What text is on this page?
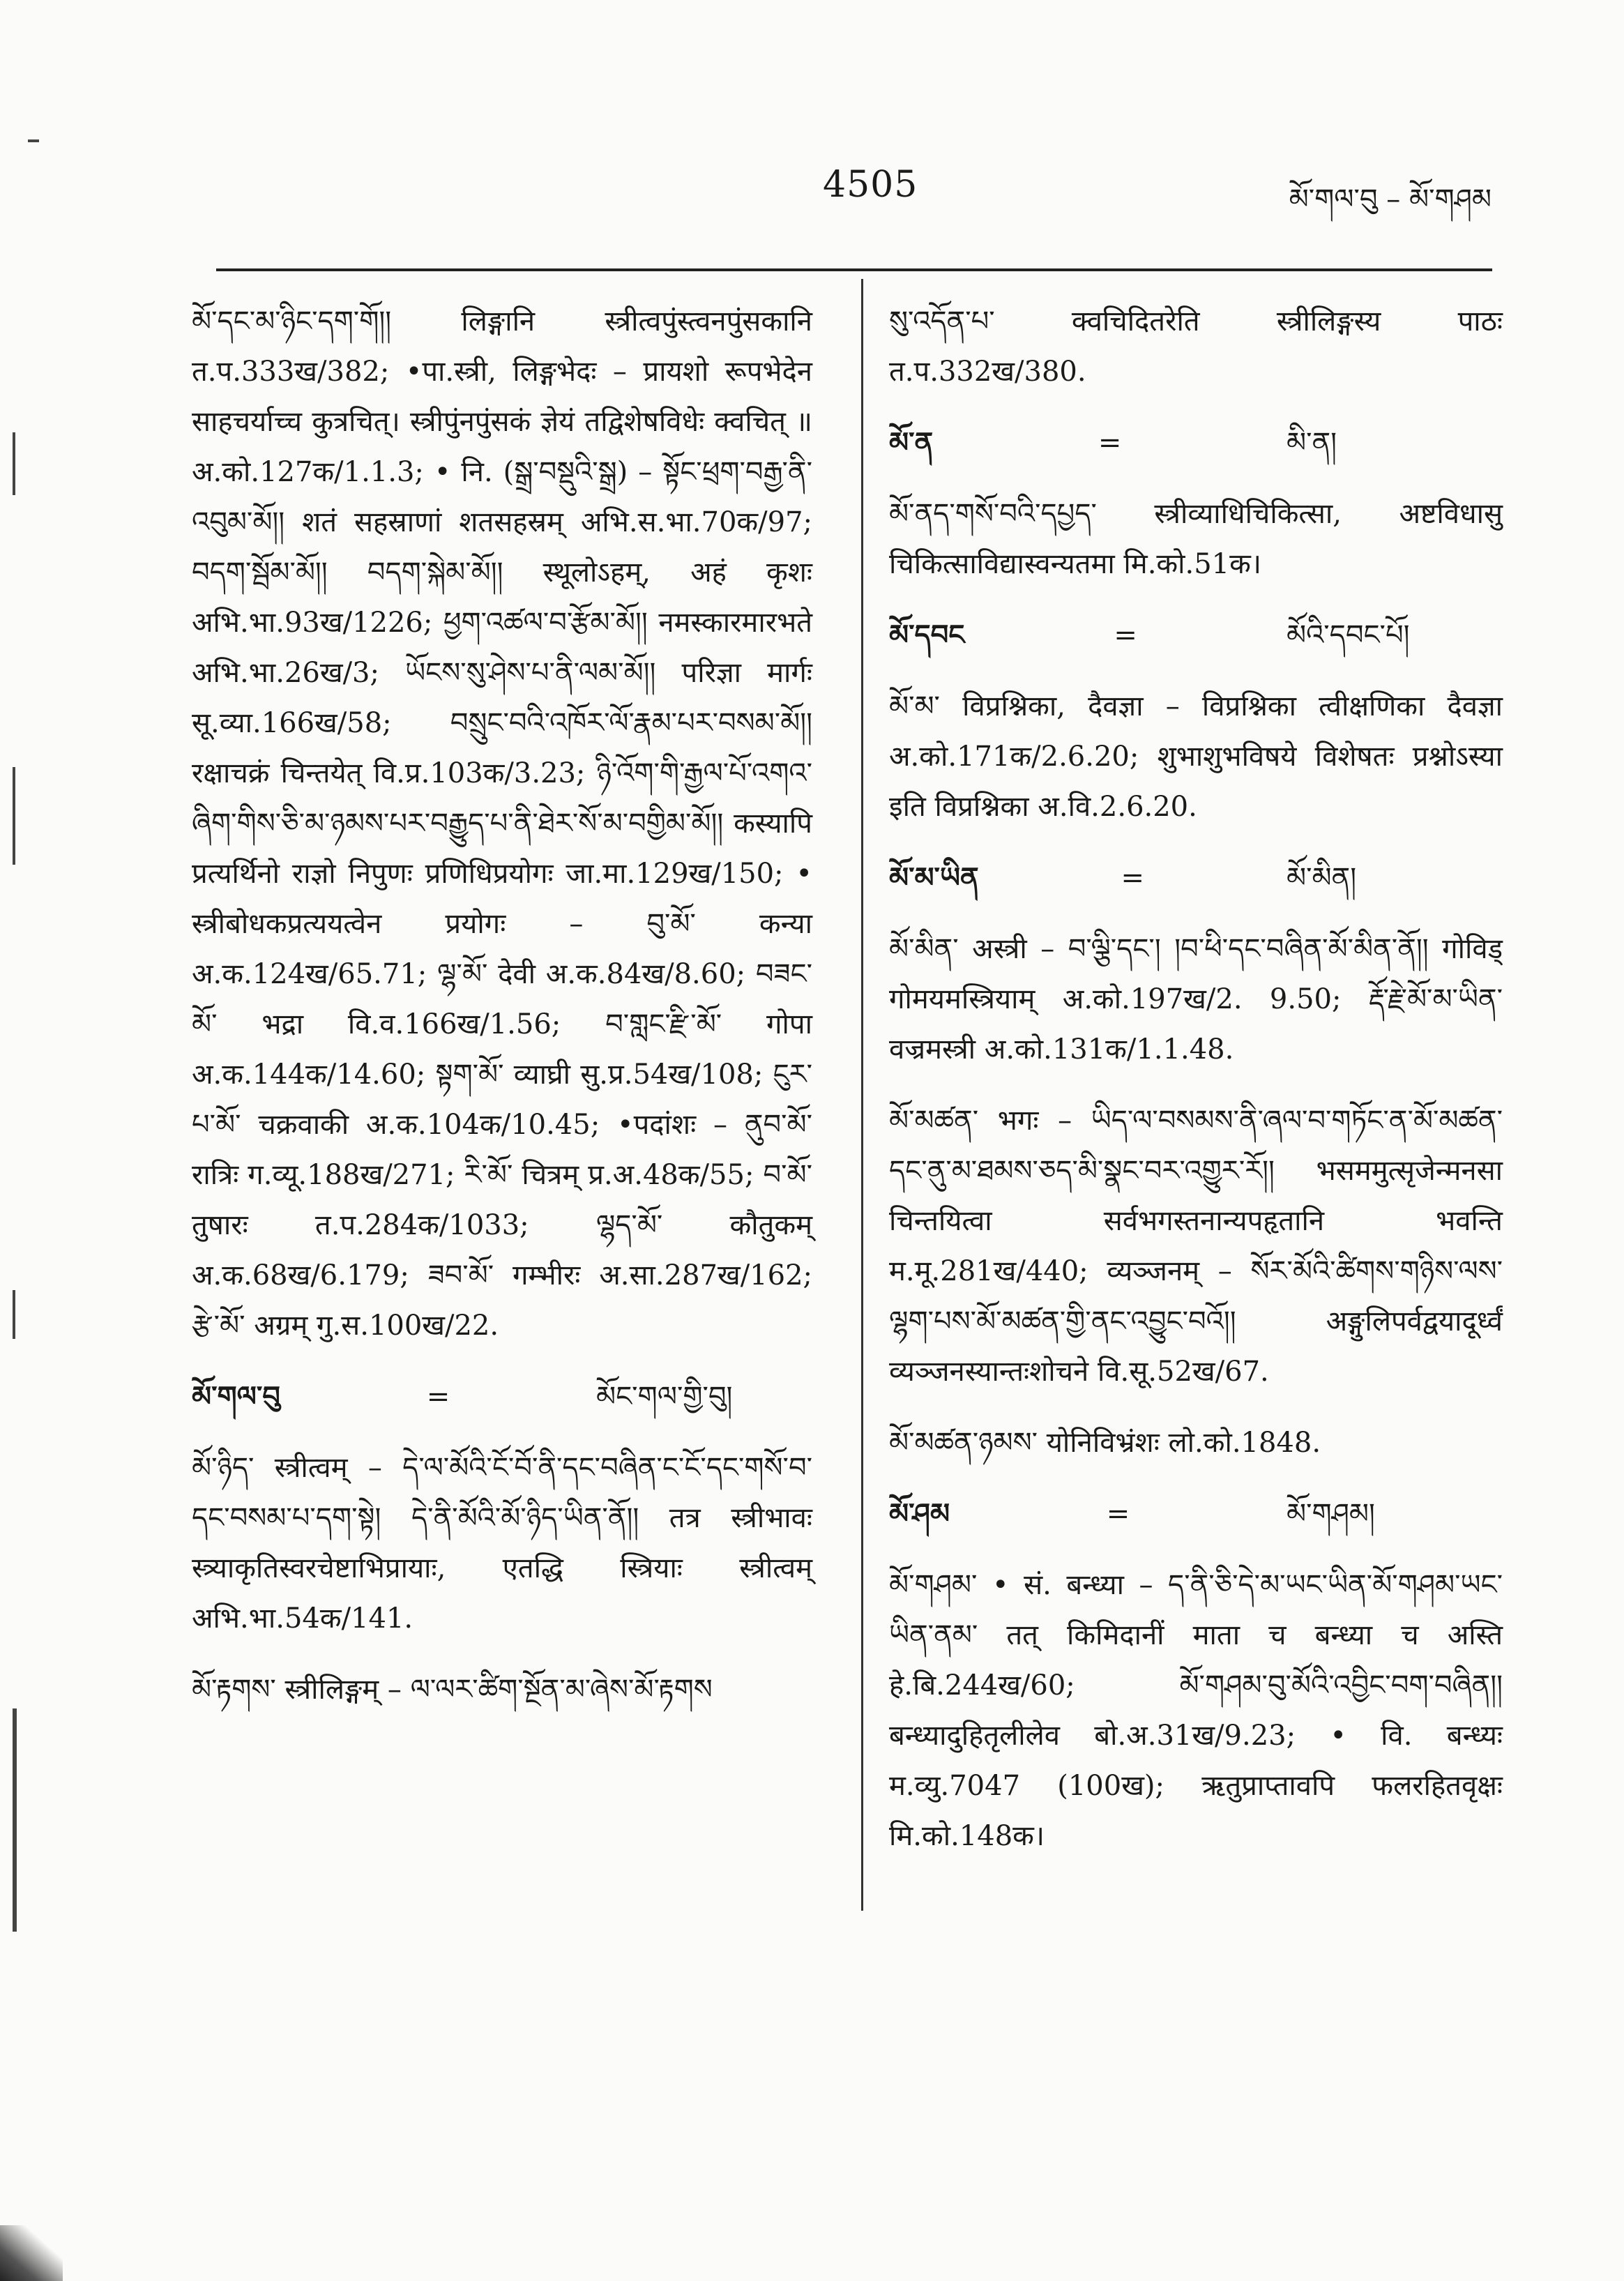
4505	མོ་གལ་བུ – མོ་གཤམ

མོ་དང་མ་ཉིང་དག་གོ།། लिङ्गानि स्त्रीत्वपुंस्त्वनपुंसकानि त.प.333ख/382; •पा.स्त्री, लिङ्गभेदः – प्रायशो रूपभेदेन साहचर्याच्च कुत्रचित्। स्त्रीपुंनपुंसकं ज्ञेयं तद्विशेषविधेः क्वचित् ॥ अ.को.127क/1.1.3; • नि. (སྒྲ་བསྡུའི་སྒྲ) – སྟོང་ཕྲག་བརྒྱ་ནི་འབུམ་མོ།། शतं सहस्राणां शतसहस्रम् अभि.स.भा.70क/97; བདག་སྦོམ་མོ།། བདག་སྐེམ་མོ།། स्थूलोऽहम्, अहं कृशः अभि.भा.93ख/1226; ཕྱག་འཚལ་བ་རྩོམ་མོ།། नमस्कारमारभते अभि.भा.26ख/3; ཡོངས་སུ་ཤེས་པ་ནི་ལམ་མོ།། परिज्ञा मार्गः सू.व्या.166ख/58; བསྲུང་བའི་འཁོར་ལོ་རྣམ་པར་བསམ་མོ།། रक्षाचक्रं चिन्तयेत् वि.प्र.103क/3.23; ཉི་འོག་གི་རྒྱལ་པོ་འགའ་ཞིག་གིས་ཅི་མ་ཉམས་པར་བརྒྱུད་པ་ནི་ཐེར་སོ་མ་བགྱིམ་མོ།། कस्यापि प्रत्यर्थिनो राज्ञो निपुणः प्रणिधिप्रयोगः जा.मा.129ख/150; • स्त्रीबोधकप्रत्ययत्वेन प्रयोगः – བུ་མོ་ कन्या अ.क.124ख/65.71; ལྷ་མོ་ देवी अ.क.84ख/8.60; བཟང་མོ་ भद्रा वि.व.166ख/1.56; བ་གླང་རྫི་མོ་ गोपा अ.क.144क/14.60; སྟག་མོ་ व्याघ्री सु.प्र.54ख/108; ངུར་པ་མོ་ चक्रवाकी अ.क.104क/10.45; •पदांशः – ནུབ་མོ་ रात्रिः ग.व्यू.188ख/271; རི་མོ་ चित्रम् प्र.अ.48क/55; བ་མོ་ तुषारः त.प.284क/1033; ལྷད་མོ་ कौतुकम् अ.क.68ख/6.179; ཟབ་མོ་ गम्भीरः अ.सा.287ख/162; རྩེ་མོ་ अग्रम् गु.स.100ख/22.

མོ་གལ་བུ	=	མོང་གལ་གྱི་བུ།

མོ་ཉིད་ स्त्रीत्वम् – དེ་ལ་མོའི་ངོ་བོ་ནི་དང་བཞིན་ང་ངོ་དང་གསོ་བ་དང་བསམ་པ་དག་སྟེ། དེ་ནི་མོའི་མོ་ཉིད་ཡིན་ནོ།། तत्र स्त्रीभावः स्त्र्याकृतिस्वरचेष्टाभिप्रायाः, एतद्धि स्त्रियाः स्त्रीत्वम् अभि.भा.54क/141.

མོ་རྟགས་ स्त्रीलिङ्गम् – ལ་ལར་ཚིག་སྔོན་མ་ཞེས་མོ་རྟགས

སུ་འདོན་པ་ क्वचिदितरेति स्त्रीलिङ्गस्य पाठः त.प.332ख/380.

མོ་ན	=	མི་ན།

མོ་ནད་གསོ་བའི་དཔྱད་ स्त्रीव्याधिचिकित्सा, अष्टविधासु चिकित्साविद्यास्वन्यतमा मि.को.51क।

མོ་དབང	=	མོའི་དབང་པོ།

མོ་མ་ विप्रश्निका, दैवज्ञा – विप्रश्निका त्वीक्षणिका दैवज्ञा अ.को.171क/2.6.20; शुभाशुभविषये विशेषतः प्रश्नोऽस्या इति विप्रश्निका अ.वि.2.6.20.

མོ་མ་ཡིན	=	མོ་མིན།

མོ་མིན་ अस्त्री – བ་ལྕི་དང་། །བ་ཕི་དང་བཞིན་མོ་མིན་ནོ།། गोविड् गोमयमस्त्रियाम् अ.को.197ख/2. 9.50; རྡོ་རྗེ་མོ་མ་ཡིན་ वज्रमस्त्री अ.को.131क/1.1.48.

མོ་མཚན་ भगः – ཡིད་ལ་བསམས་ནི་ཞལ་བ་གཏོང་ན་མོ་མཚན་དང་ནུ་མ་ཐམས་ཅད་མི་སྣང་བར་འགྱུར་རོ།། भसममुत्सृजेन्मनसा चिन्तयित्वा सर्वभगस्तनान्यपहृतानि भवन्ति म.मू.281ख/440; व्यञ्जनम् – སོར་མོའི་ཚིགས་གཉིས་ལས་ལྷག་པས་མོ་མཚན་གྱི་ནང་འབྱུང་བའོ།། अङ्गुलिपर्वद्वयादूर्ध्वं व्यञ्जनस्यान्तःशोचने वि.सू.52ख/67.

མོ་མཚན་ཉམས་ योनिविभ्रंशः लो.को.1848.

མོ་ཤམ	=	མོ་གཤམ།

མོ་གཤམ་ • सं. बन्ध्या – ད་ནི་ཅི་དེ་མ་ཡང་ཡིན་མོ་གཤམ་ཡང་ཡིན་ནམ་ तत् किमिदानीं माता च बन्ध्या च अस्ति हे.बि.244ख/60; མོ་གཤམ་བུ་མོའི་འབྱིང་བག་བཞིན།། बन्ध्यादुहितृलीलेव बो.अ.31ख/9.23; • वि. बन्ध्यः म.व्यु.7047 (100ख); ऋतुप्राप्तावपि फलरहितवृक्षः मि.को.148क।
